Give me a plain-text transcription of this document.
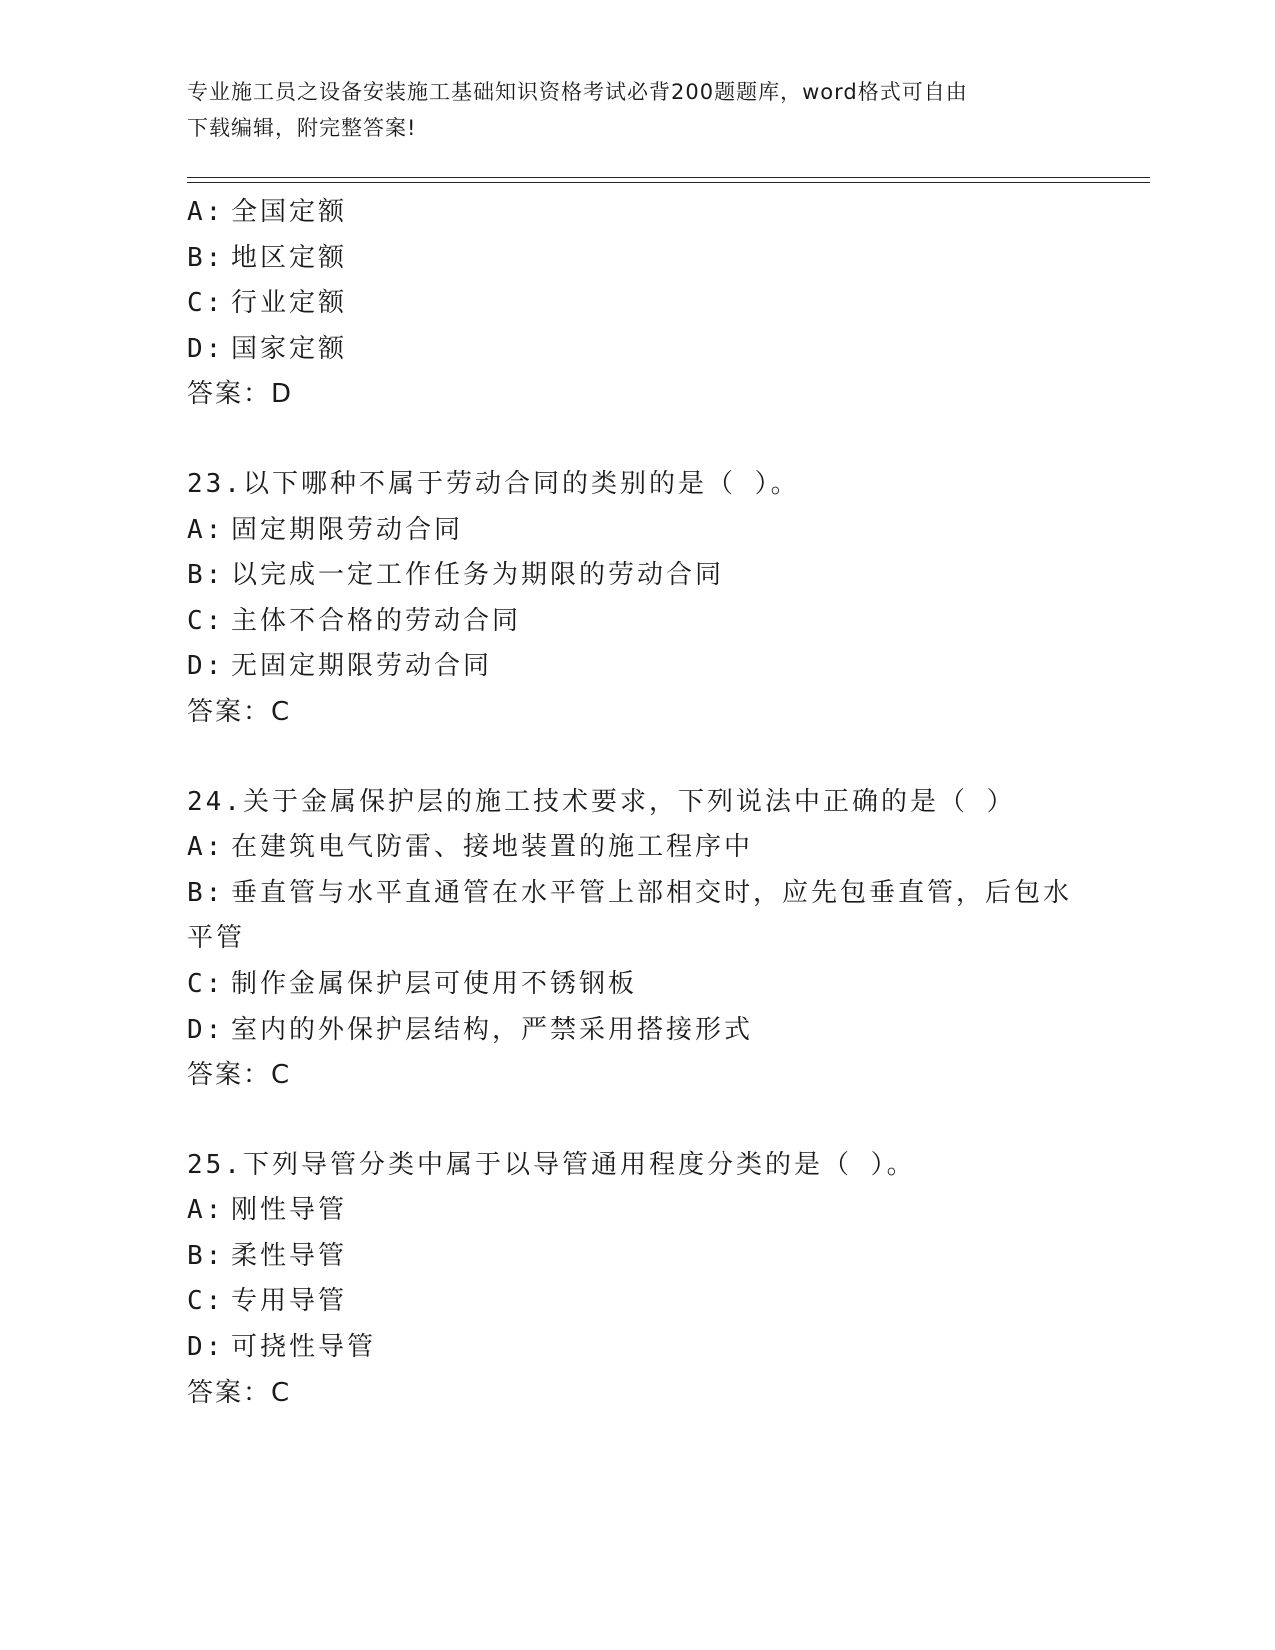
专业施工员之设备安装施工基础知识资格考试必背200题题库，word格式可自由
下载编辑，附完整答案!
A: 全国定额
B: 地区定额
C: 行业定额
D: 国家定额
答案：D
23.以下哪种不属于劳动合同的类别的是（ ）。
A: 固定期限劳动合同
B: 以完成一定工作任务为期限的劳动合同
C: 主体不合格的劳动合同
D: 无固定期限劳动合同
答案：C
24.关于金属保护层的施工技术要求，下列说法中正确的是（ ）
A: 在建筑电气防雷、接地装置的施工程序中
B: 垂直管与水平直通管在水平管上部相交时，应先包垂直管，后包水
平管
C: 制作金属保护层可使用不锈钢板
D: 室内的外保护层结构，严禁采用搭接形式
答案：C
25.下列导管分类中属于以导管通用程度分类的是（ ）。
A: 刚性导管
B: 柔性导管
C: 专用导管
D: 可挠性导管
答案：C
